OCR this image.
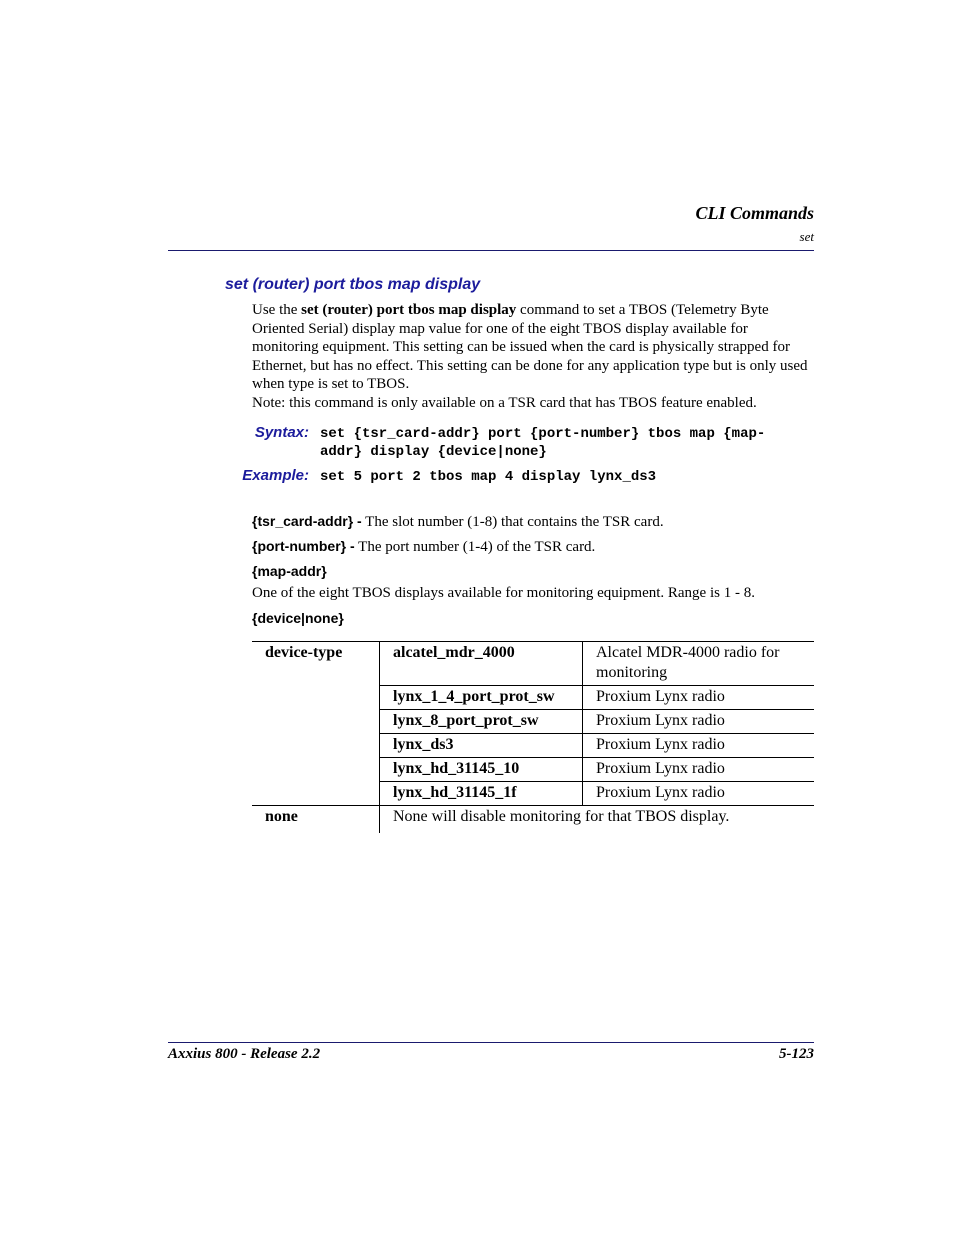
CLI Commands
set
set (router) port tbos map display
Use the set (router) port tbos map display command to set a TBOS (Telemetry Byte Oriented Serial) display map value for one of the eight TBOS display available for monitoring equipment. This setting can be issued when the card is physically strapped for Ethernet, but has no effect. This setting can be done for any application type but is only used when type is set to TBOS.
Note: this command is only available on a TSR card that has TBOS feature enabled.
Syntax: set {tsr_card-addr} port {port-number} tbos map {map-
addr} display {device|none}
Example: set 5 port 2 tbos map 4 display lynx_ds3
{tsr_card-addr} - The slot number (1-8) that contains the TSR card.
{port-number} - The port number (1-4) of the TSR card.
{map-addr}
One of the eight TBOS displays available for monitoring equipment. Range is 1 - 8.
{device|none}
device-type	alcatel_mdr_4000	Alcatel MDR-4000 radio for monitoring
	lynx_1_4_port_prot_sw	Proxium Lynx radio
	lynx_8_port_prot_sw	Proxium Lynx radio
	lynx_ds3	Proxium Lynx radio
	lynx_hd_31145_10	Proxium Lynx radio
	lynx_hd_31145_1f	Proxium Lynx radio
none	None will disable monitoring for that TBOS display.	
Axxius 800 - Release 2.2	5-123
